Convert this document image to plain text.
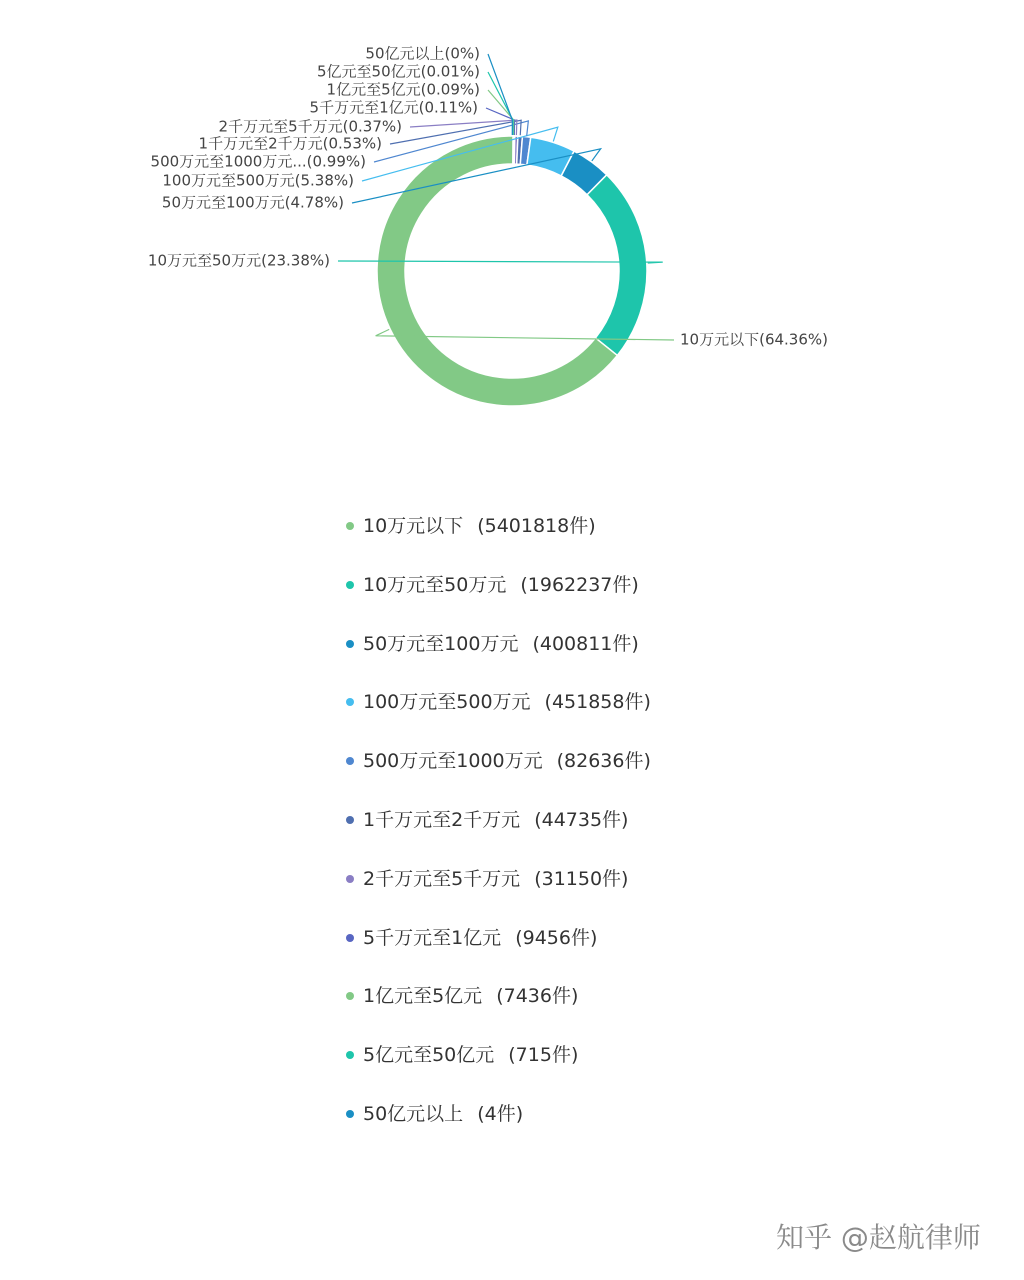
10万元以下(64.36%)
10万元至50万元(23.38%)
50万元至100万元(4.78%)
100万元至500万元(5.38%)
500万元至1000万元...(0.99%)
1千万元至2千万元(0.53%)
2千万元至5千万元(0.37%)
5千万元至1亿元(0.11%)
1亿元至5亿元(0.09%)
5亿元至50亿元(0.01%)
50亿元以上(0%)
10万元以下 (5401818件)
10万元至50万元 (1962237件)
50万元至100万元 (400811件)
100万元至500万元 (451858件)
500万元至1000万元 (82636件)
1千万元至2千万元 (44735件)
2千万元至5千万元 (31150件)
5千万元至1亿元 (9456件)
1亿元至5亿元 (7436件)
5亿元至50亿元 (715件)
50亿元以上 (4件)
知乎 @赵航律师
